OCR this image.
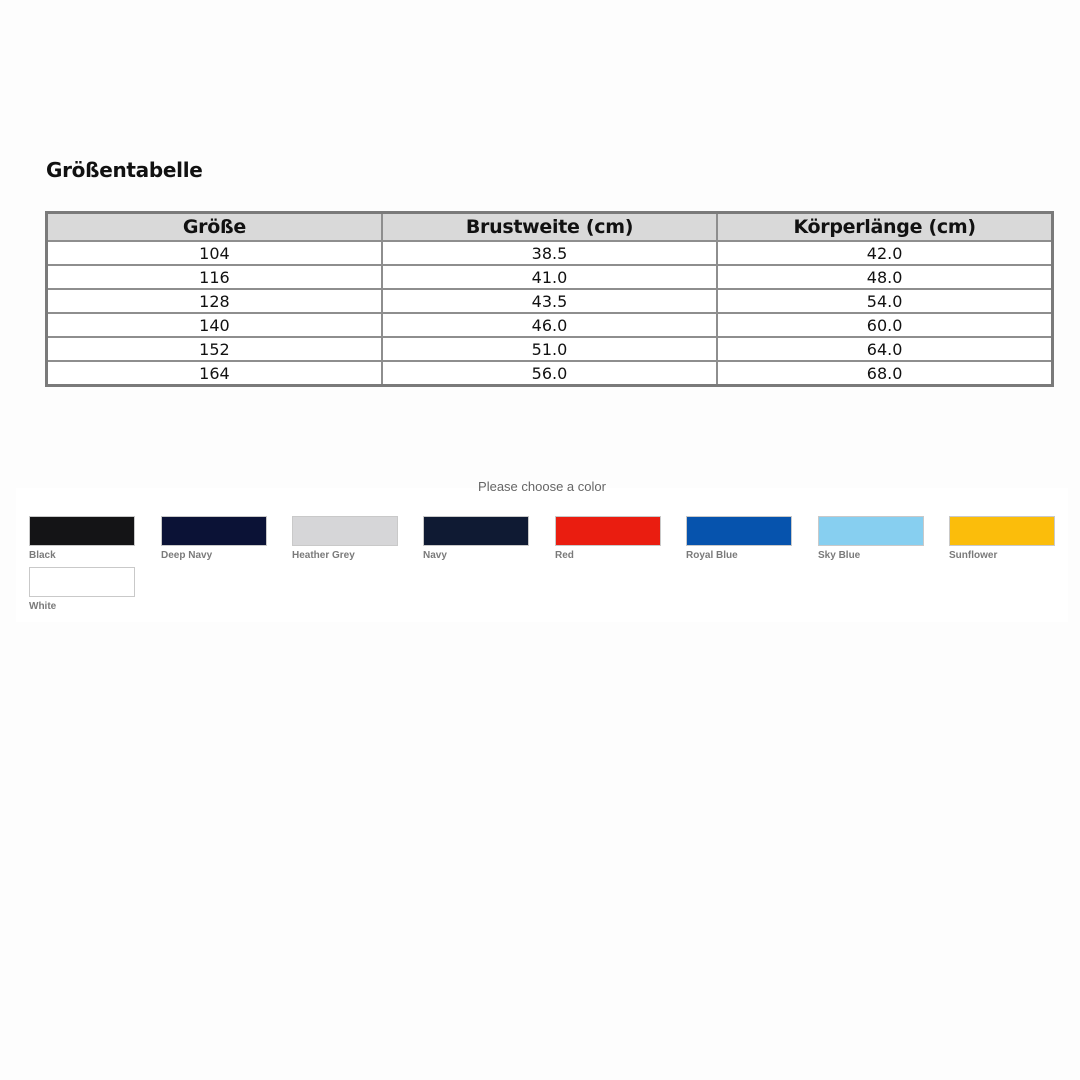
Größentabelle
Größe	Brustweite (cm)	Körperlänge (cm)
104	38.5	42.0
116	41.0	48.0
128	43.5	54.0
140	46.0	60.0
152	51.0	64.0
164	56.0	68.0
Please choose a color
Black	Deep Navy	Heather Grey	Navy	Red	Royal Blue	Sky Blue	Sunflower
White
